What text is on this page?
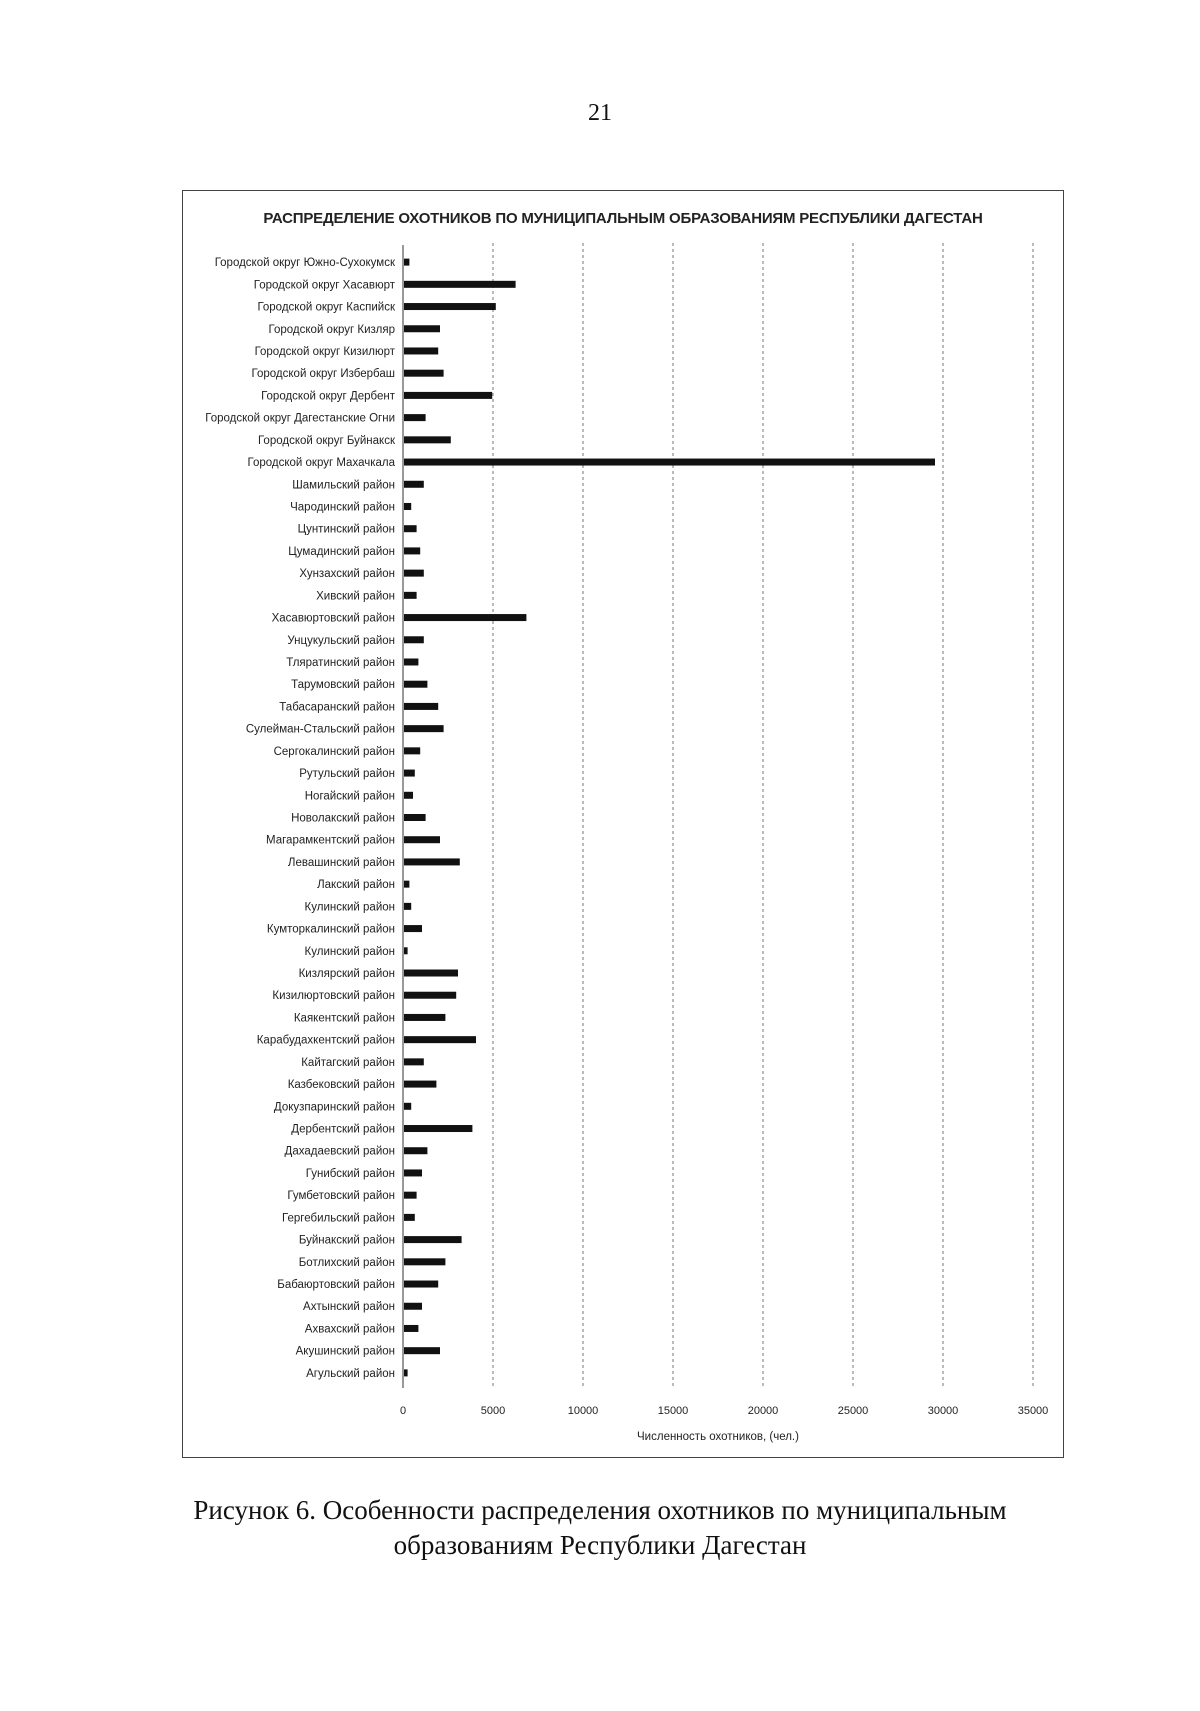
21
РАСПРЕДЕЛЕНИЕ ОХОТНИКОВ ПО МУНИЦИПАЛЬНЫМ ОБРАЗОВАНИЯМ РЕСПУБЛИКИ ДАГЕСТАН
0	5000	10000	15000	20000	25000	30000	35000
Городской округ Южно-Сухокумск
Городской округ Хасавюрт
Городской округ Каспийск
Городской округ Кизляр
Городской округ Кизилюрт
Городской округ Избербаш
Городской округ Дербент
Городской округ Дагестанские Огни
Городской округ Буйнакск
Городской округ Махачкала
Шамильский район
Чародинский район
Цунтинский район
Цумадинский район
Хунзахский район
Хивский район
Хасавюртовский район
Унцукульский район
Тляратинский район
Тарумовский район
Табасаранский район
Сулейман-Стальский район
Сергокалинский район
Рутульский район
Ногайский район
Новолакский район
Магарамкентский район
Левашинский район
Лакский район
Кулинский район
Кумторкалинский район
Кулинский район
Кизлярский район
Кизилюртовский район
Каякентский район
Карабудахкентский район
Кайтагский район
Казбековский район
Докузпаринский район
Дербентский район
Дахадаевский район
Гунибский район
Гумбетовский район
Гергебильский район
Буйнакский район
Ботлихский район
Бабаюртовский район
Ахтынский район
Ахвахский район
Акушинский район
Агульский район
Численность охотников, (чел.)
Рисунок 6. Особенности распределения охотников по муниципальным
образованиям Республики Дагестан
